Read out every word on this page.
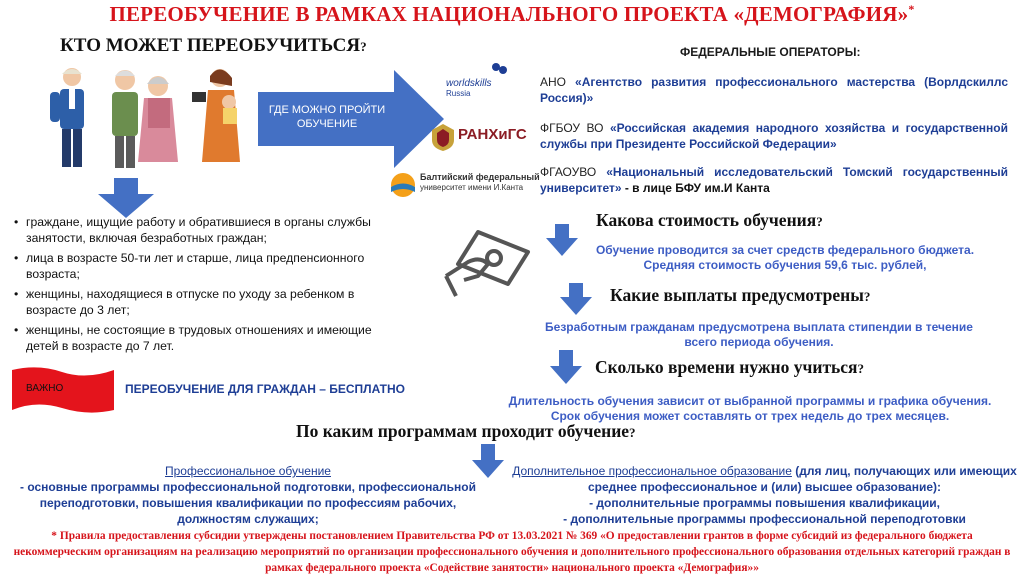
ПЕРЕОБУЧЕНИЕ В РАМКАХ НАЦИОНАЛЬНОГО ПРОЕКТА «ДЕМОГРАФИЯ»*
КТО МОЖЕТ ПЕРЕОБУЧИТЬСЯ?
• граждане, ищущие работу и обратившиеся в органы службы занятости, включая безработных граждан;
• лица в возрасте 50-ти лет и старше, лица предпенсионного возраста;
• женщины, находящиеся в отпуске по уходу за ребенком в возрасте до 3 лет;
• женщины, не состоящие в трудовых отношениях и имеющие детей в возрасте до 7 лет.
ГДЕ МОЖНО ПРОЙТИ ОБУЧЕНИЕ
worldskills
Russia
РАНХиГС
Балтийский федеральный
университет имени И.Канта
ФЕДЕРАЛЬНЫЕ ОПЕРАТОРЫ:
АНО «Агентство развития профессионального мастерства (Ворлдскиллс Россия)»
ФГБОУ ВО «Российская академия народного хозяйства и государственной службы при Президенте Российской Федерации»
ФГАОУВО «Национальный исследовательский Томский государственный университет» - в лице БФУ им.И Канта
Какова стоимость обучения?
Обучение проводится за счет средств федерального бюджета.
Средняя стоимость обучения 59,6 тыс. рублей,
Какие выплаты предусмотрены?
Безработным гражданам предусмотрена выплата стипендии в течение
всего периода обучения.
Сколько времени нужно учиться?
Длительность обучения зависит от выбранной программы и графика обучения.
Срок обучения может составлять от трех недель до трех месяцев.
ВАЖНО	ПЕРЕОБУЧЕНИЕ ДЛЯ ГРАЖДАН – БЕСПЛАТНО
По каким программам проходит обучение?
Профессиональное обучение
- основные программы профессиональной подготовки, профессиональной переподготовки, повышения квалификации по профессиям рабочих, должностям служащих;
Дополнительное профессиональное образование (для лиц, получающих или имеющих среднее профессиональное и (или) высшее образование):
- дополнительные программы повышения квалификации,
- дополнительные программы профессиональной переподготовки
* Правила предоставления субсидии утверждены постановлением Правительства РФ от 13.03.2021 № 369 «О предоставлении грантов в форме субсидий из федерального бюджета некоммерческим организациям на реализацию мероприятий по организации профессионального обучения и дополнительного профессионального образования отдельных категорий граждан в рамках федерального проекта «Содействие занятости» национального проекта «Демография»»
